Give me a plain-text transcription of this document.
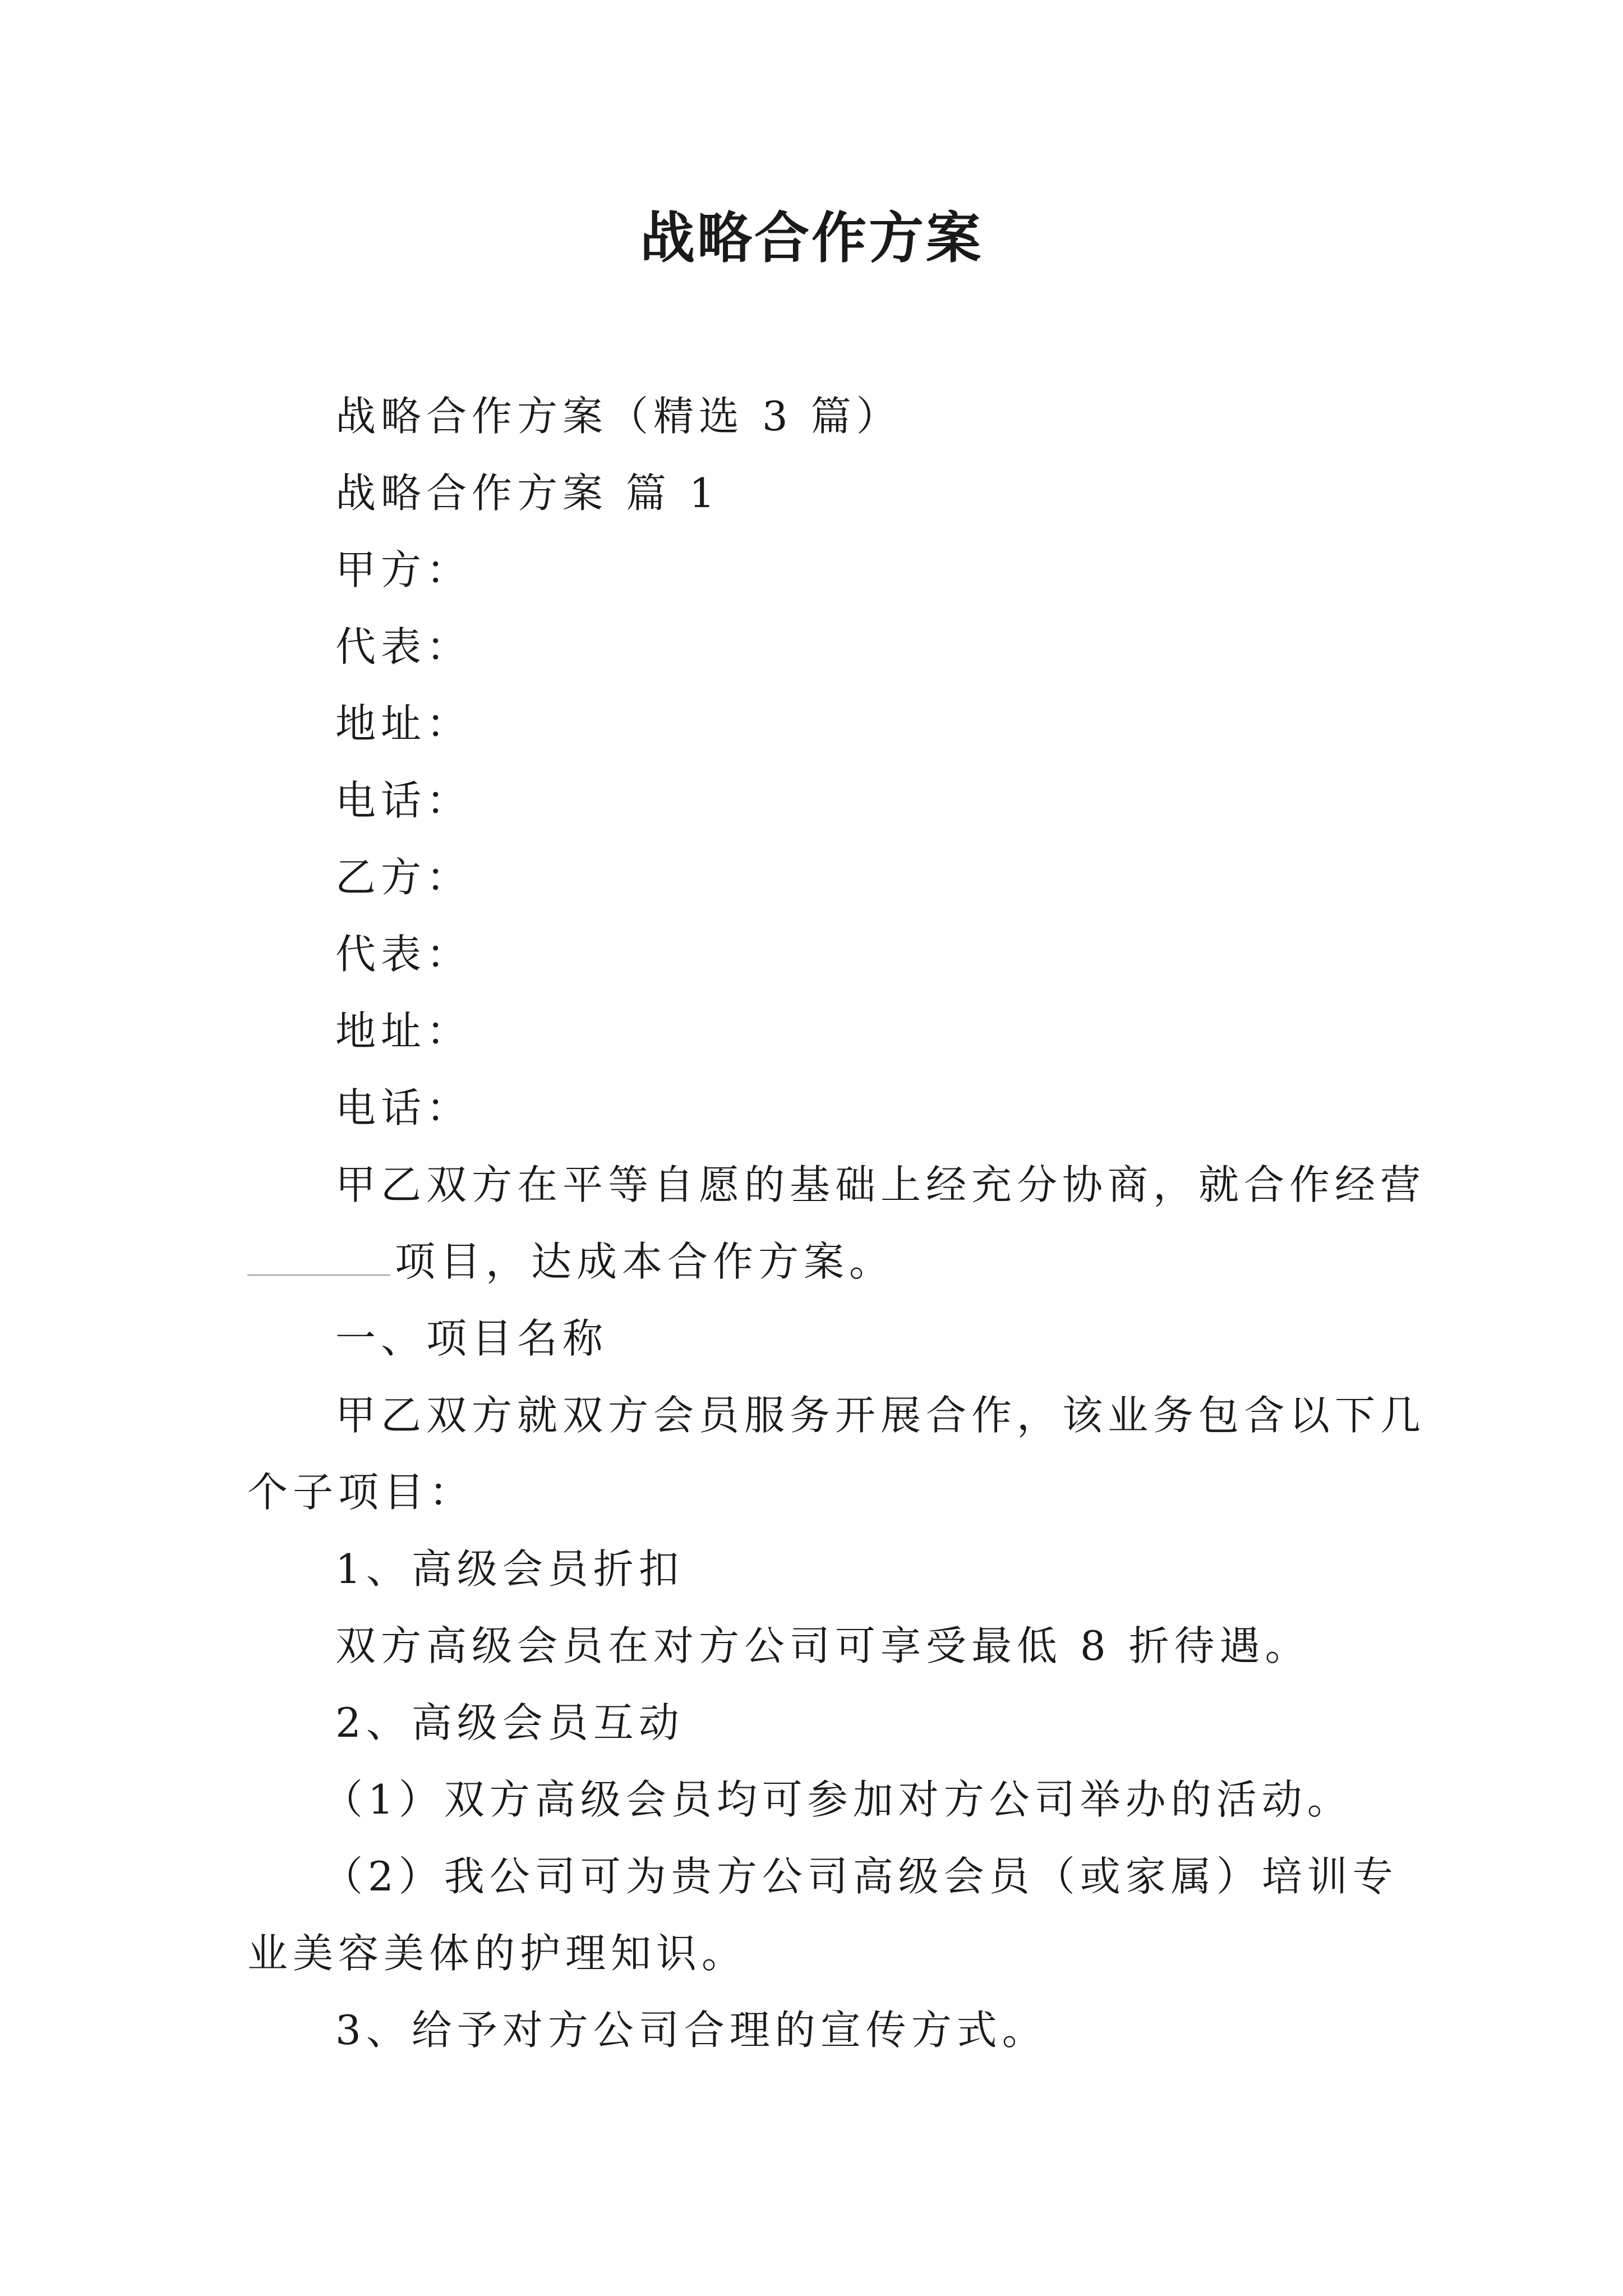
战略合作方案
战略合作方案（精选 3 篇）
战略合作方案 篇 1
甲方：
代表：
地址：
电话：
乙方：
代表：
地址：
电话：
甲乙双方在平等自愿的基础上经充分协商，就合作经营
项目，达成本合作方案。
一、项目名称
甲乙双方就双方会员服务开展合作，该业务包含以下几
个子项目：
1、高级会员折扣
双方高级会员在对方公司可享受最低 8 折待遇。
2、高级会员互动
（1）双方高级会员均可参加对方公司举办的活动。
（2）我公司可为贵方公司高级会员（或家属）培训专
业美容美体的护理知识。
3、给予对方公司合理的宣传方式。
